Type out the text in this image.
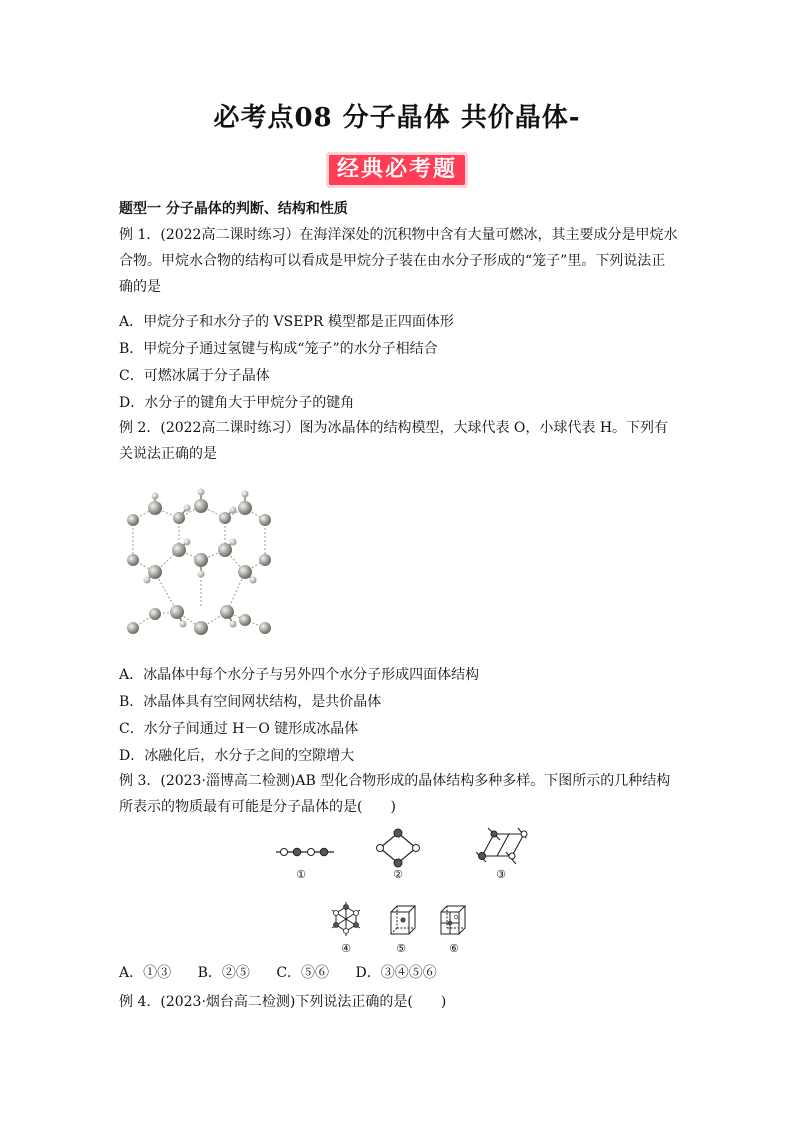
必考点08 分子晶体 共价晶体-
经典必考题
题型一 分子晶体的判断、结构和性质
例 1．(2022高二课时练习）在海洋深处的沉积物中含有大量可燃冰，其主要成分是甲烷水合物。甲烷水合物的结构可以看成是甲烷分子装在由水分子形成的“笼子”里。下列说法正确的是
A．甲烷分子和水分子的 VSEPR 模型都是正四面体形
B．甲烷分子通过氢键与构成“笼子”的水分子相结合
C．可燃冰属于分子晶体
D．水分子的键角大于甲烷分子的键角
例 2．(2022高二课时练习）图为冰晶体的结构模型，大球代表 O，小球代表 H。下列有关说法正确的是
A．冰晶体中每个水分子与另外四个水分子形成四面体结构
B．冰晶体具有空间网状结构，是共价晶体
C．水分子间通过 H－O 键形成冰晶体
D．冰融化后，水分子之间的空隙增大
例 3．(2023·淄博高二检测)AB 型化合物形成的晶体结构多种多样。下图所示的几种结构所表示的物质最有可能是分子晶体的是(　　)
①	②	③
④	⑤	⑥
A．①③ B．②⑤ C．⑤⑥ D．③④⑤⑥
例 4．(2023·烟台高二检测)下列说法正确的是(　　)
